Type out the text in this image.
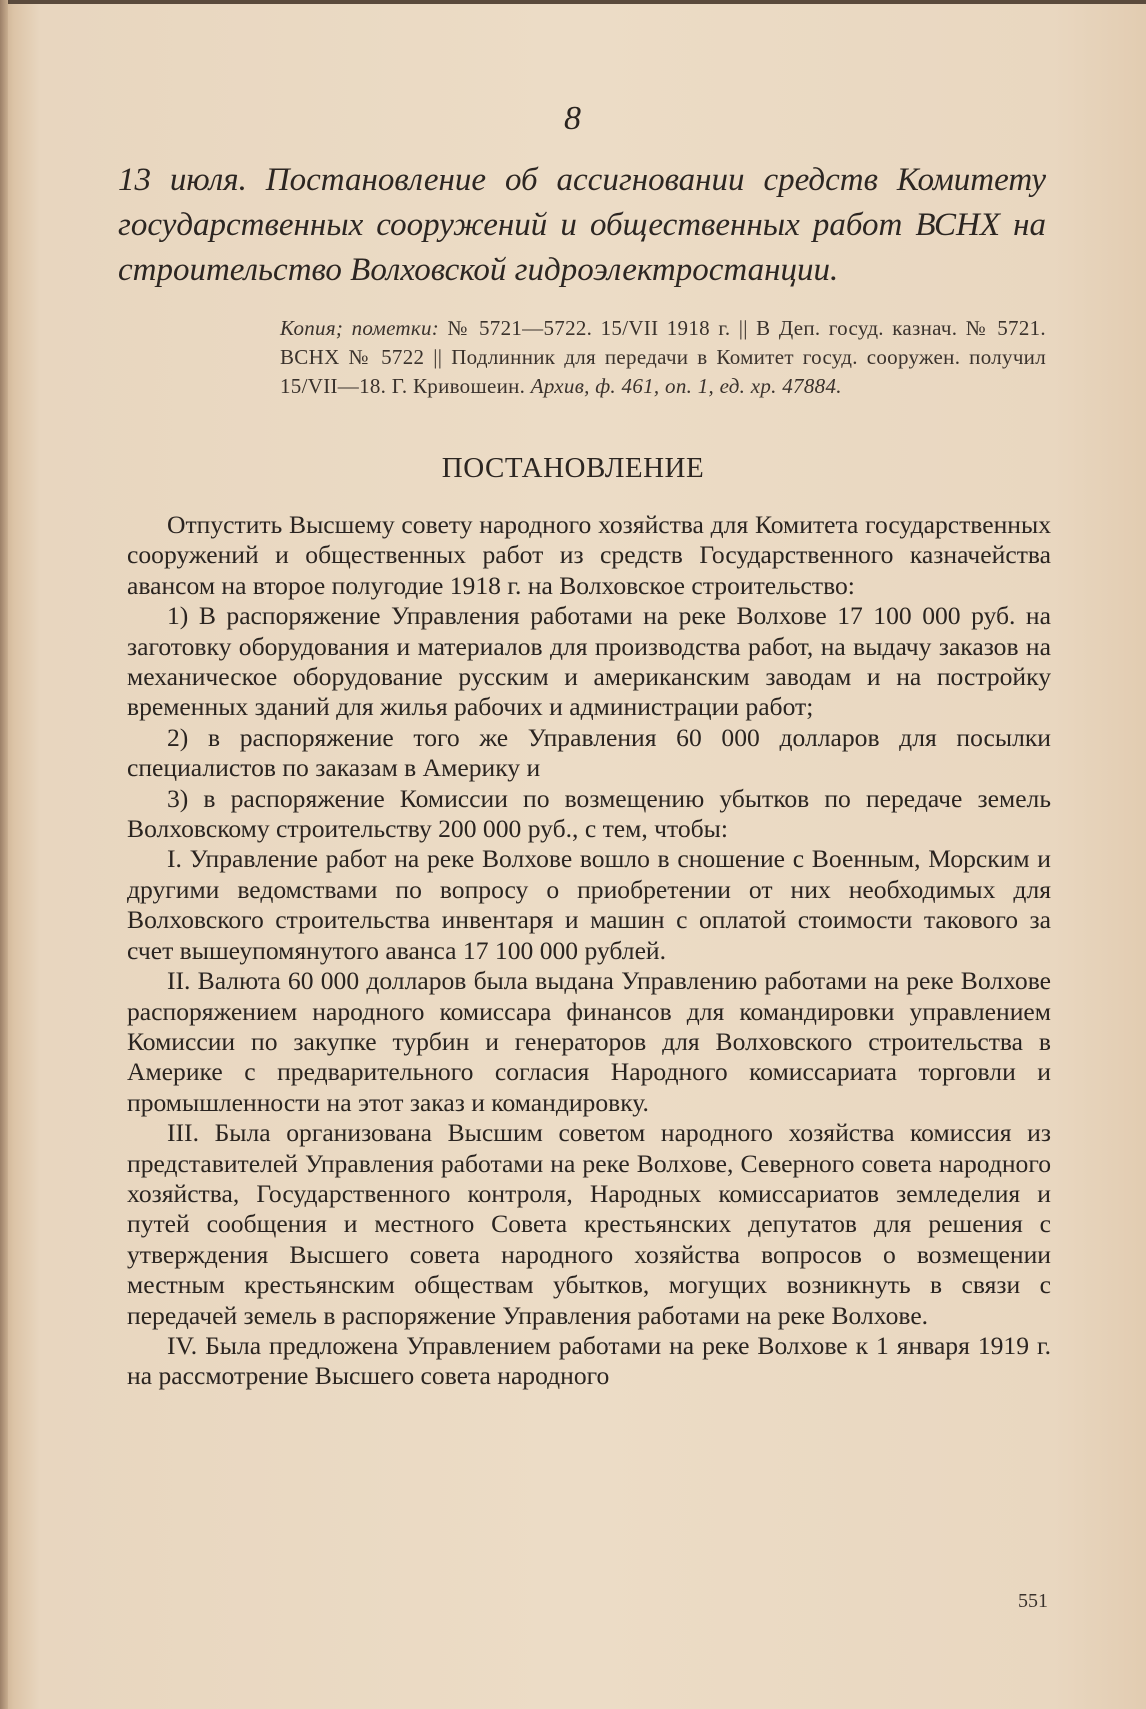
8
13 июля. Постановление об ассигновании средств Комитету государственных сооружений и общественных работ ВСНХ на строительство Волховской гидроэлектростанции.

Копия; пометки: № 5721—5722. 15/VII 1918 г. || В Деп. госуд. казнач. № 5721. ВСНХ № 5722 || Подлинник для передачи в Комитет госуд. сооружен. получил 15/VII—18. Г. Кривошеин. Архив, ф. 461, оп. 1, ед. хр. 47884.

ПОСТАНОВЛЕНИЕ

Отпустить Высшему совету народного хозяйства для Комитета государственных сооружений и общественных работ из средств Государственного казначейства авансом на второе полугодие 1918 г. на Волховское строительство:

1) В распоряжение Управления работами на реке Волхове 17 100 000 руб. на заготовку оборудования и материалов для производства работ, на выдачу заказов на механическое оборудование русским и американским заводам и на постройку временных зданий для жилья рабочих и администрации работ;

2) в распоряжение того же Управления 60 000 долларов для посылки специалистов по заказам в Америку и

3) в распоряжение Комиссии по возмещению убытков по передаче земель Волховскому строительству 200 000 руб., с тем, чтобы:

I. Управление работ на реке Волхове вошло в сношение с Военным, Морским и другими ведомствами по вопросу о приобретении от них необходимых для Волховского строительства инвентаря и машин с оплатой стоимости такового за счет вышеупомянутого аванса 17 100 000 рублей.

II. Валюта 60 000 долларов была выдана Управлению работами на реке Волхове распоряжением народного комиссара финансов для командировки управлением Комиссии по закупке турбин и генераторов для Волховского строительства в Америке с предварительного согласия Народного комиссариата торговли и промышленности на этот заказ и командировку.

III. Была организована Высшим советом народного хозяйства комиссия из представителей Управления работами на реке Волхове, Северного совета народного хозяйства, Государственного контроля, Народных комиссариатов земледелия и путей сообщения и местного Совета крестьянских депутатов для решения с утверждения Высшего совета народного хозяйства вопросов о возмещении местным крестьянским обществам убытков, могущих возникнуть в связи с передачей земель в распоряжение Управления работами на реке Волхове.

IV. Была предложена Управлением работами на реке Волхове к 1 января 1919 г. на рассмотрение Высшего совета народного

551
